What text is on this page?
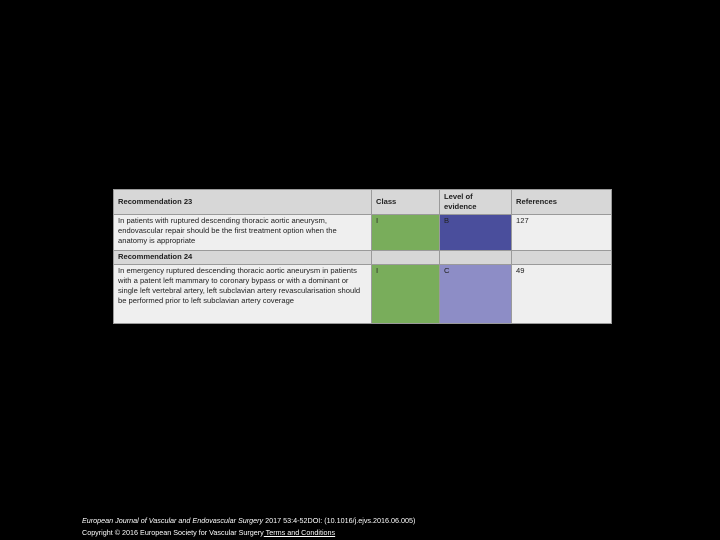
Recommendation 23	Class	Level of evidence	References
In patients with ruptured descending thoracic aortic aneurysm, endovascular repair should be the first treatment option when the anatomy is appropriate	I	B	127
Recommendation 24			
In emergency ruptured descending thoracic aortic aneurysm in patients with a patent left mammary to coronary bypass or with a dominant or single left vertebral artery, left subclavian artery revascularisation should be performed prior to left subclavian artery coverage	I	C	49
European Journal of Vascular and Endovascular Surgery 2017 53:4-52DOI: (10.1016/j.ejvs.2016.06.005)
Copyright © 2016 European Society for Vascular Surgery Terms and Conditions
